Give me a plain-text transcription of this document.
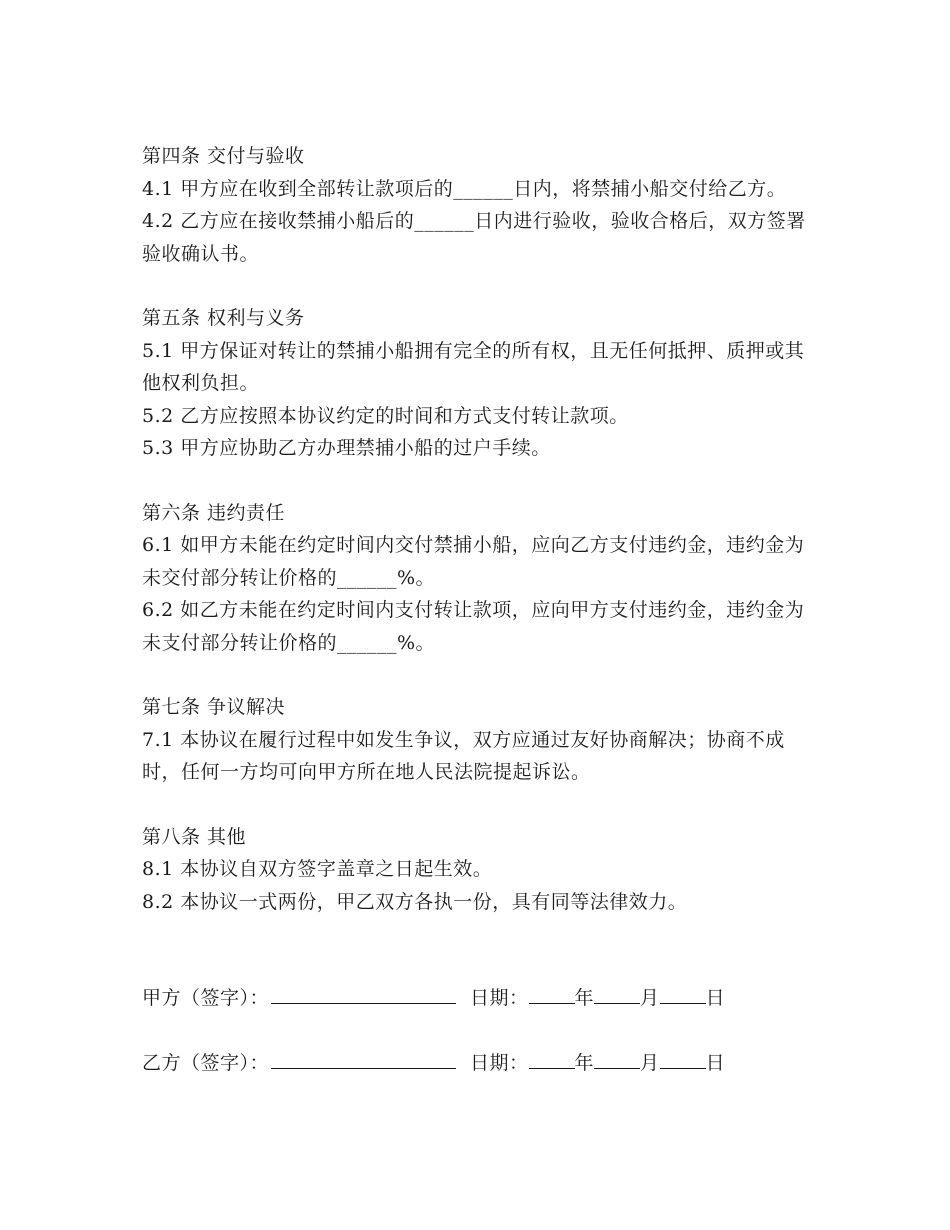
第四条 交付与验收

4.1 甲方应在收到全部转让款项后的______日内，将禁捕小船交付给乙方。

4.2 乙方应在接收禁捕小船后的______日内进行验收，验收合格后，双方签署验收确认书。

第五条 权利与义务

5.1 甲方保证对转让的禁捕小船拥有完全的所有权，且无任何抵押、质押或其他权利负担。

5.2 乙方应按照本协议约定的时间和方式支付转让款项。

5.3 甲方应协助乙方办理禁捕小船的过户手续。

第六条 违约责任

6.1 如甲方未能在约定时间内交付禁捕小船，应向乙方支付违约金，违约金为未交付部分转让价格的______%。

6.2 如乙方未能在约定时间内支付转让款项，应向甲方支付违约金，违约金为未支付部分转让价格的______%。

第七条 争议解决

7.1 本协议在履行过程中如发生争议，双方应通过友好协商解决；协商不成时，任何一方均可向甲方所在地人民法院提起诉讼。

第八条 其他

8.1 本协议自双方签字盖章之日起生效。

8.2 本协议一式两份，甲乙双方各执一份，具有同等法律效力。

甲方（签字）：	日期： 年 月 日
乙方（签字）：	日期： 年 月 日
